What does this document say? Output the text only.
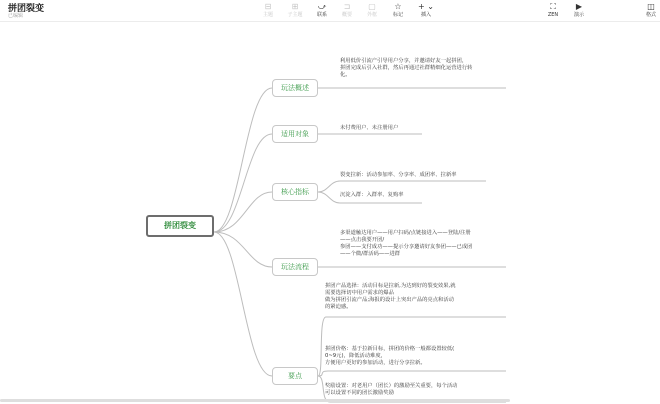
拼团裂变
已编辑
⊟
主题
⊞
子主题
⤻
联系
⊐
概要
▢
外框
☆
标记
+ ⌄
插入
⛶
ZEN
▶
演示
◫
格式
拼团裂变
玩法概述
适用对象
核心指标
玩法流程
要点
利用低价引流产引导用户分享，并邀请好友一起拼团，
拼团完成后引入社群，然后再通过社群精细化运营进行转
化。
未付费用户、未注册用户
裂变拉新：活动参加率、分享率、成团率、拉新率
沉淀入群：入群率、复购率
多渠道触达用户——用户扫码/点链接进入——登陆/注册
——点击我要开团/
参团——支付成功——提示分享邀请好友参团——已成团
——个微/群活码——进群
拼团产品选择：活动目标是拉新,为达到好的裂变效果,就
需要选择切中用户需求的爆品
做为拼团引流产品;海报的设计上突出产品的亮点和活动
的紧迫感。
拼团价格：基于拉新目标，拼团的价格一般都设置较低(
0~9元)，降低活动难度，
方便用户更好的参加活动，进行分享拉新。
奖励设置：对老用户（团长）的激励至关重要，每个活动
可以设置不同的团长激励奖励
